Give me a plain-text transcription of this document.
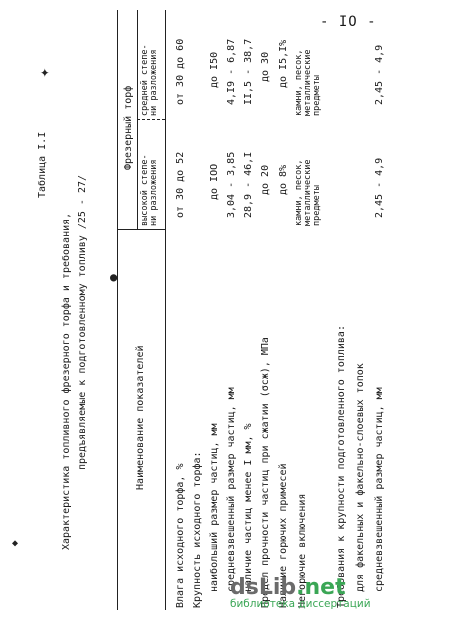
- IO -
✦
●
◆
Таблица I.I
Характеристика топливного фрезерного торфа и требования, предъявляемые к подготовленному топливу /25 - 27/	Наименование показателей
Фрезерный торф
высокой степе-
ни разложения
средней степе-
ни разложения
Влага исходного торфа, %
от 30 до 52
от 30 до 60
Крупность исходного торфа: наибольший размер частиц, мм
до IOO
до I50
средневзвешенный размер частиц, мм
3,04 - 3,85
4,I9 - 6,87
наличие частиц менее I мм, %
28,9 - 46,I
II,5 - 38,7
Предел прочности частиц при сжатии (σсж), МПа
до 20
до 30
Наличие горючих примесей
до 8%
до I5,I%
Негорючие включения
камни, песок,
металлические
предметы
камни, песок,
металлические
предметы
Требования к крупности подготовленного топлива: для факельных и факельно-слоевых топок средневзвешенный размер частиц, мм
2,45 - 4,9
2,45 - 4,9
dsLib.net
библиотека диссертаций
